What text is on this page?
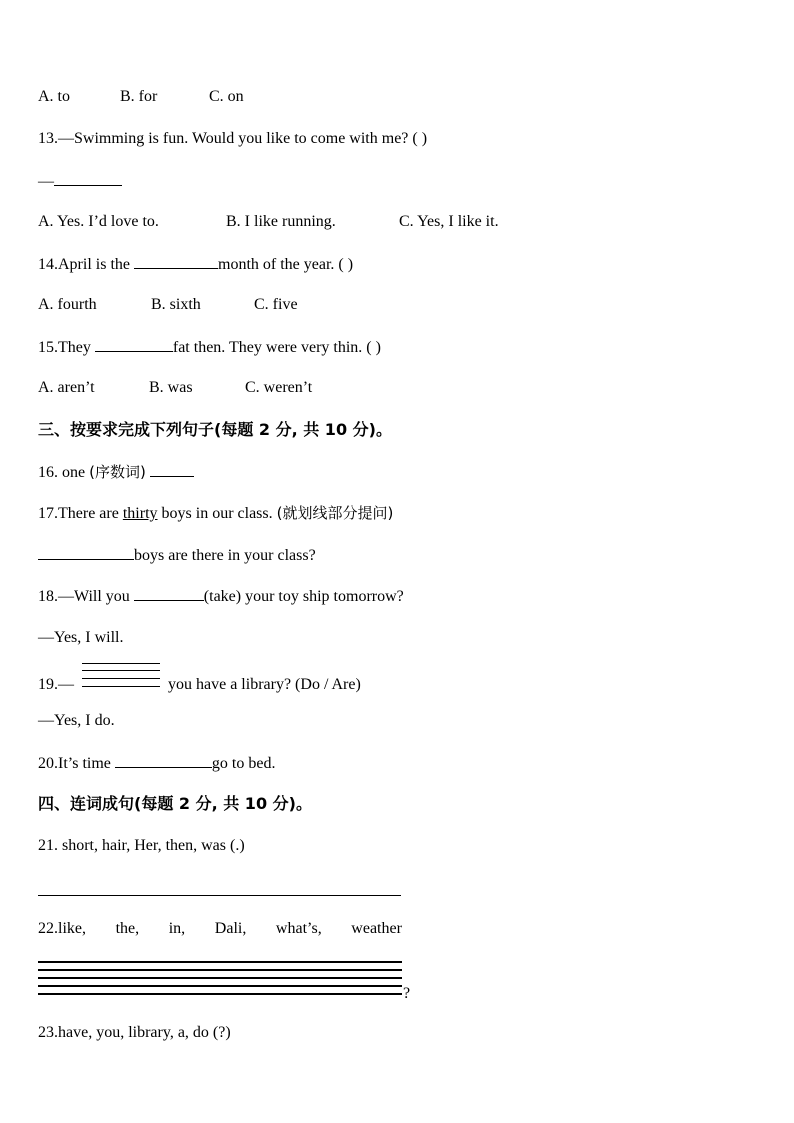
A. to	B. for	C. on
13.—Swimming is fun. Would you like to come with me? ( )
—
A. Yes. I’d love to.	B. I like running.	C. Yes, I like it.
14.April is the	month of the year. ( )
A. fourth	B. sixth	C. five
15.They	fat then. They were very thin. ( )
A. aren’t	B. was	C. weren’t
三、按要求完成下列句子(每题 2 分, 共 10 分)。
16. one (序数词)
17.There are thirty boys in our class. (就划线部分提问)
boys are there in your class?
18.—Will you	(take) your toy ship tomorrow?
—Yes, I will.
19.—	you have a library? (Do / Are)
—Yes, I do.
20.It’s time	go to bed.
四、连词成句(每题 2 分, 共 10 分)。
21. short, hair, Her, then, was (.)
22.like, the, in, Dali, what’s, weather
?
23.have, you, library, a, do (?)
